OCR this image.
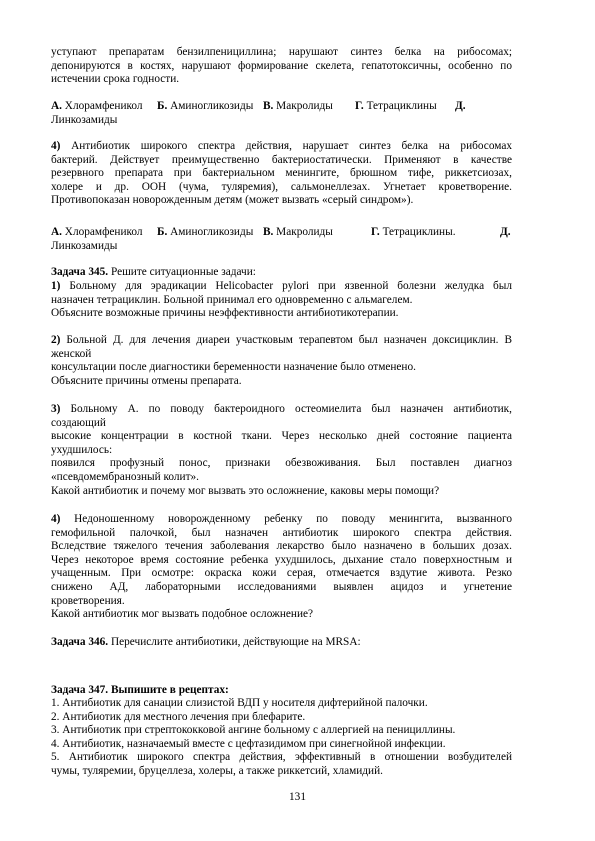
уступают препаратам бензилпенициллина; нарушают синтез белка на рибосомах;
депонируются в костях, нарушают формирование скелета, гепатотоксичны, особенно по
истечении срока годности.
А. Хлорамфеникол Б. Аминогликозиды В. Макролиды Г. Тетрациклины Д.
Линкозамиды
4) Антибиотик широкого спектра действия, нарушает синтез белка на рибосомах
бактерий. Действует преимущественно бактериостатически. Применяют в качестве
резервного препарата при бактериальном менингите, брюшном тифе, риккетсиозах,
холере и др. ООН (чума, туляремия), сальмонеллезах. Угнетает кроветворение.
Противопоказан новорожденным детям (может вызвать «серый синдром»).
А. Хлорамфеникол Б. Аминогликозиды В. Макролиды	Г. Тетрациклины.	Д.
Линкозамиды
Задача 345. Решите ситуационные задачи:
1) Больному для эрадикации Helicobacter pylori при язвенной болезни желудка был
назначен тетрациклин. Больной принимал его одновременно с альмагелем.
Объясните возможные причины неэффективности антибиотикотерапии.
2) Больной Д. для лечения диареи участковым терапевтом был назначен доксициклин. В
женской
консультации после диагностики беременности назначение было отменено.
Объясните причины отмены препарата.
3) Больному А. по поводу бактероидного остеомиелита был назначен антибиотик,
создающий
высокие концентрации в костной ткани. Через несколько дней состояние пациента
ухудшилось:
появился профузный понос, признаки обезвоживания. Был поставлен диагноз
«псевдомембранозный колит».
Какой антибиотик и почему мог вызвать это осложнение, каковы меры помощи?
4) Недоношенному новорожденному ребенку по поводу менингита, вызванного
гемофильной палочкой, был назначен антибиотик широкого спектра действия.
Вследствие тяжелого течения заболевания лекарство было назначено в больших дозах.
Через некоторое время состояние ребенка ухудшилось, дыхание стало поверхностным и
учащенным. При осмотре: окраска кожи серая, отмечается вздутие живота. Резко
снижено АД, лабораторными исследованиями выявлен ацидоз и угнетение
кроветворения.
Какой антибиотик мог вызвать подобное осложнение?
Задача 346. Перечислите антибиотики, действующие на MRSA:
Задача 347. Выпишите в рецептах:
1. Антибиотик для санации слизистой ВДП у носителя дифтерийной палочки.
2. Антибиотик для местного лечения при блефарите.
3. Антибиотик при стрептококковой ангине больному с аллергией на пенициллины.
4. Антибиотик, назначаемый вместе с цефтазидимом при синегнойной инфекции.
5. Антибиотик широкого спектра действия, эффективный в отношении возбудителей
чумы, туляремии, бруцеллеза, холеры, а также риккетсий, хламидий.
131
